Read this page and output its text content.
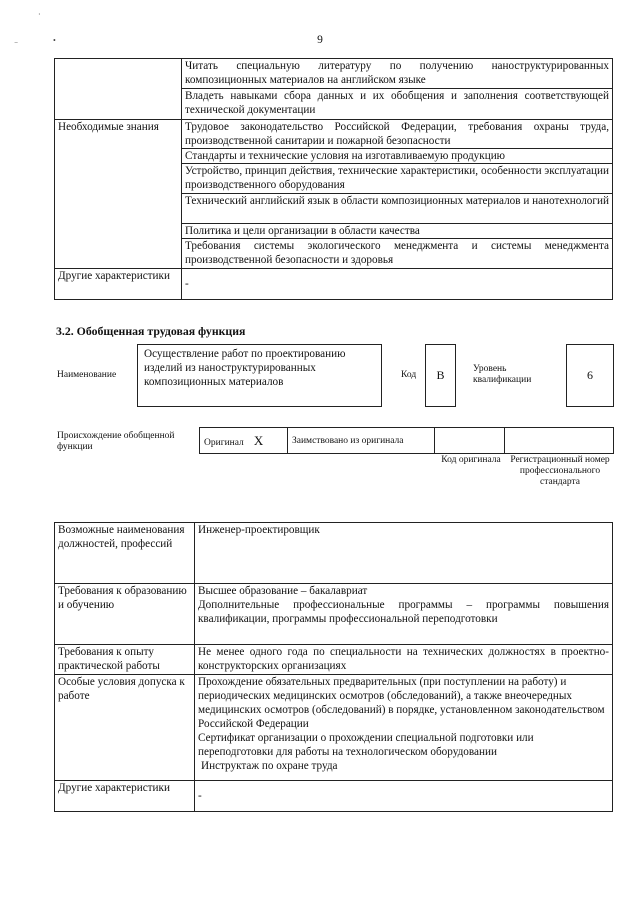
·
•
⁻	9
	Читать специальную литературу по получению наноструктурированных композиционных материалов на английском языке
	Владеть навыками сбора данных и их обобщения и заполнения соответствующей технической документации
Необходимые знания	Трудовое законодательство Российской Федерации, требования охраны труда, производственной санитарии и пожарной безопасности
	Стандарты и технические условия на изготавливаемую продукцию
	Устройство, принцип действия, технические характеристики, особенности эксплуатации производственного оборудования
	Технический английский язык в области композиционных материалов и нанотехнологий
	Политика и цели организации в области качества
	Требования системы экологического менеджмента и системы менеджмента производственной безопасности и здоровья
Другие характеристики	-
3.2. Обобщенная трудовая функция
Наименование
Осуществление работ по проектированию изделий из наноструктурированных композиционных материалов
Код	B	Уровень квалификации	6
Происхождение обобщенной функции	Оригинал X	Заимствовано из оригинала		
Код оригинала Регистрационный номер профессионального стандарта
Возможные наименования должностей, профессий	Инженер-проектировщик

Требования к образованию и обучению	Высшее образование – бакалавриат
Дополнительные профессиональные программы – программы повышения квалификации, программы профессиональной переподготовки

Требования к опыту практической работы	Не менее одного года по специальности на технических должностях в проектно-конструкторских организациях

Особые условия допуска к работе	Прохождение обязательных предварительных (при поступлении на работу) и периодических медицинских осмотров (обследований), а также внеочередных медицинских осмотров (обследований) в порядке, установленном законодательством Российской Федерации
Сертификат организации о прохождении специальной подготовки или переподготовки для работы на технологическом оборудовании
Инструктаж по охране труда

Другие характеристики	-
